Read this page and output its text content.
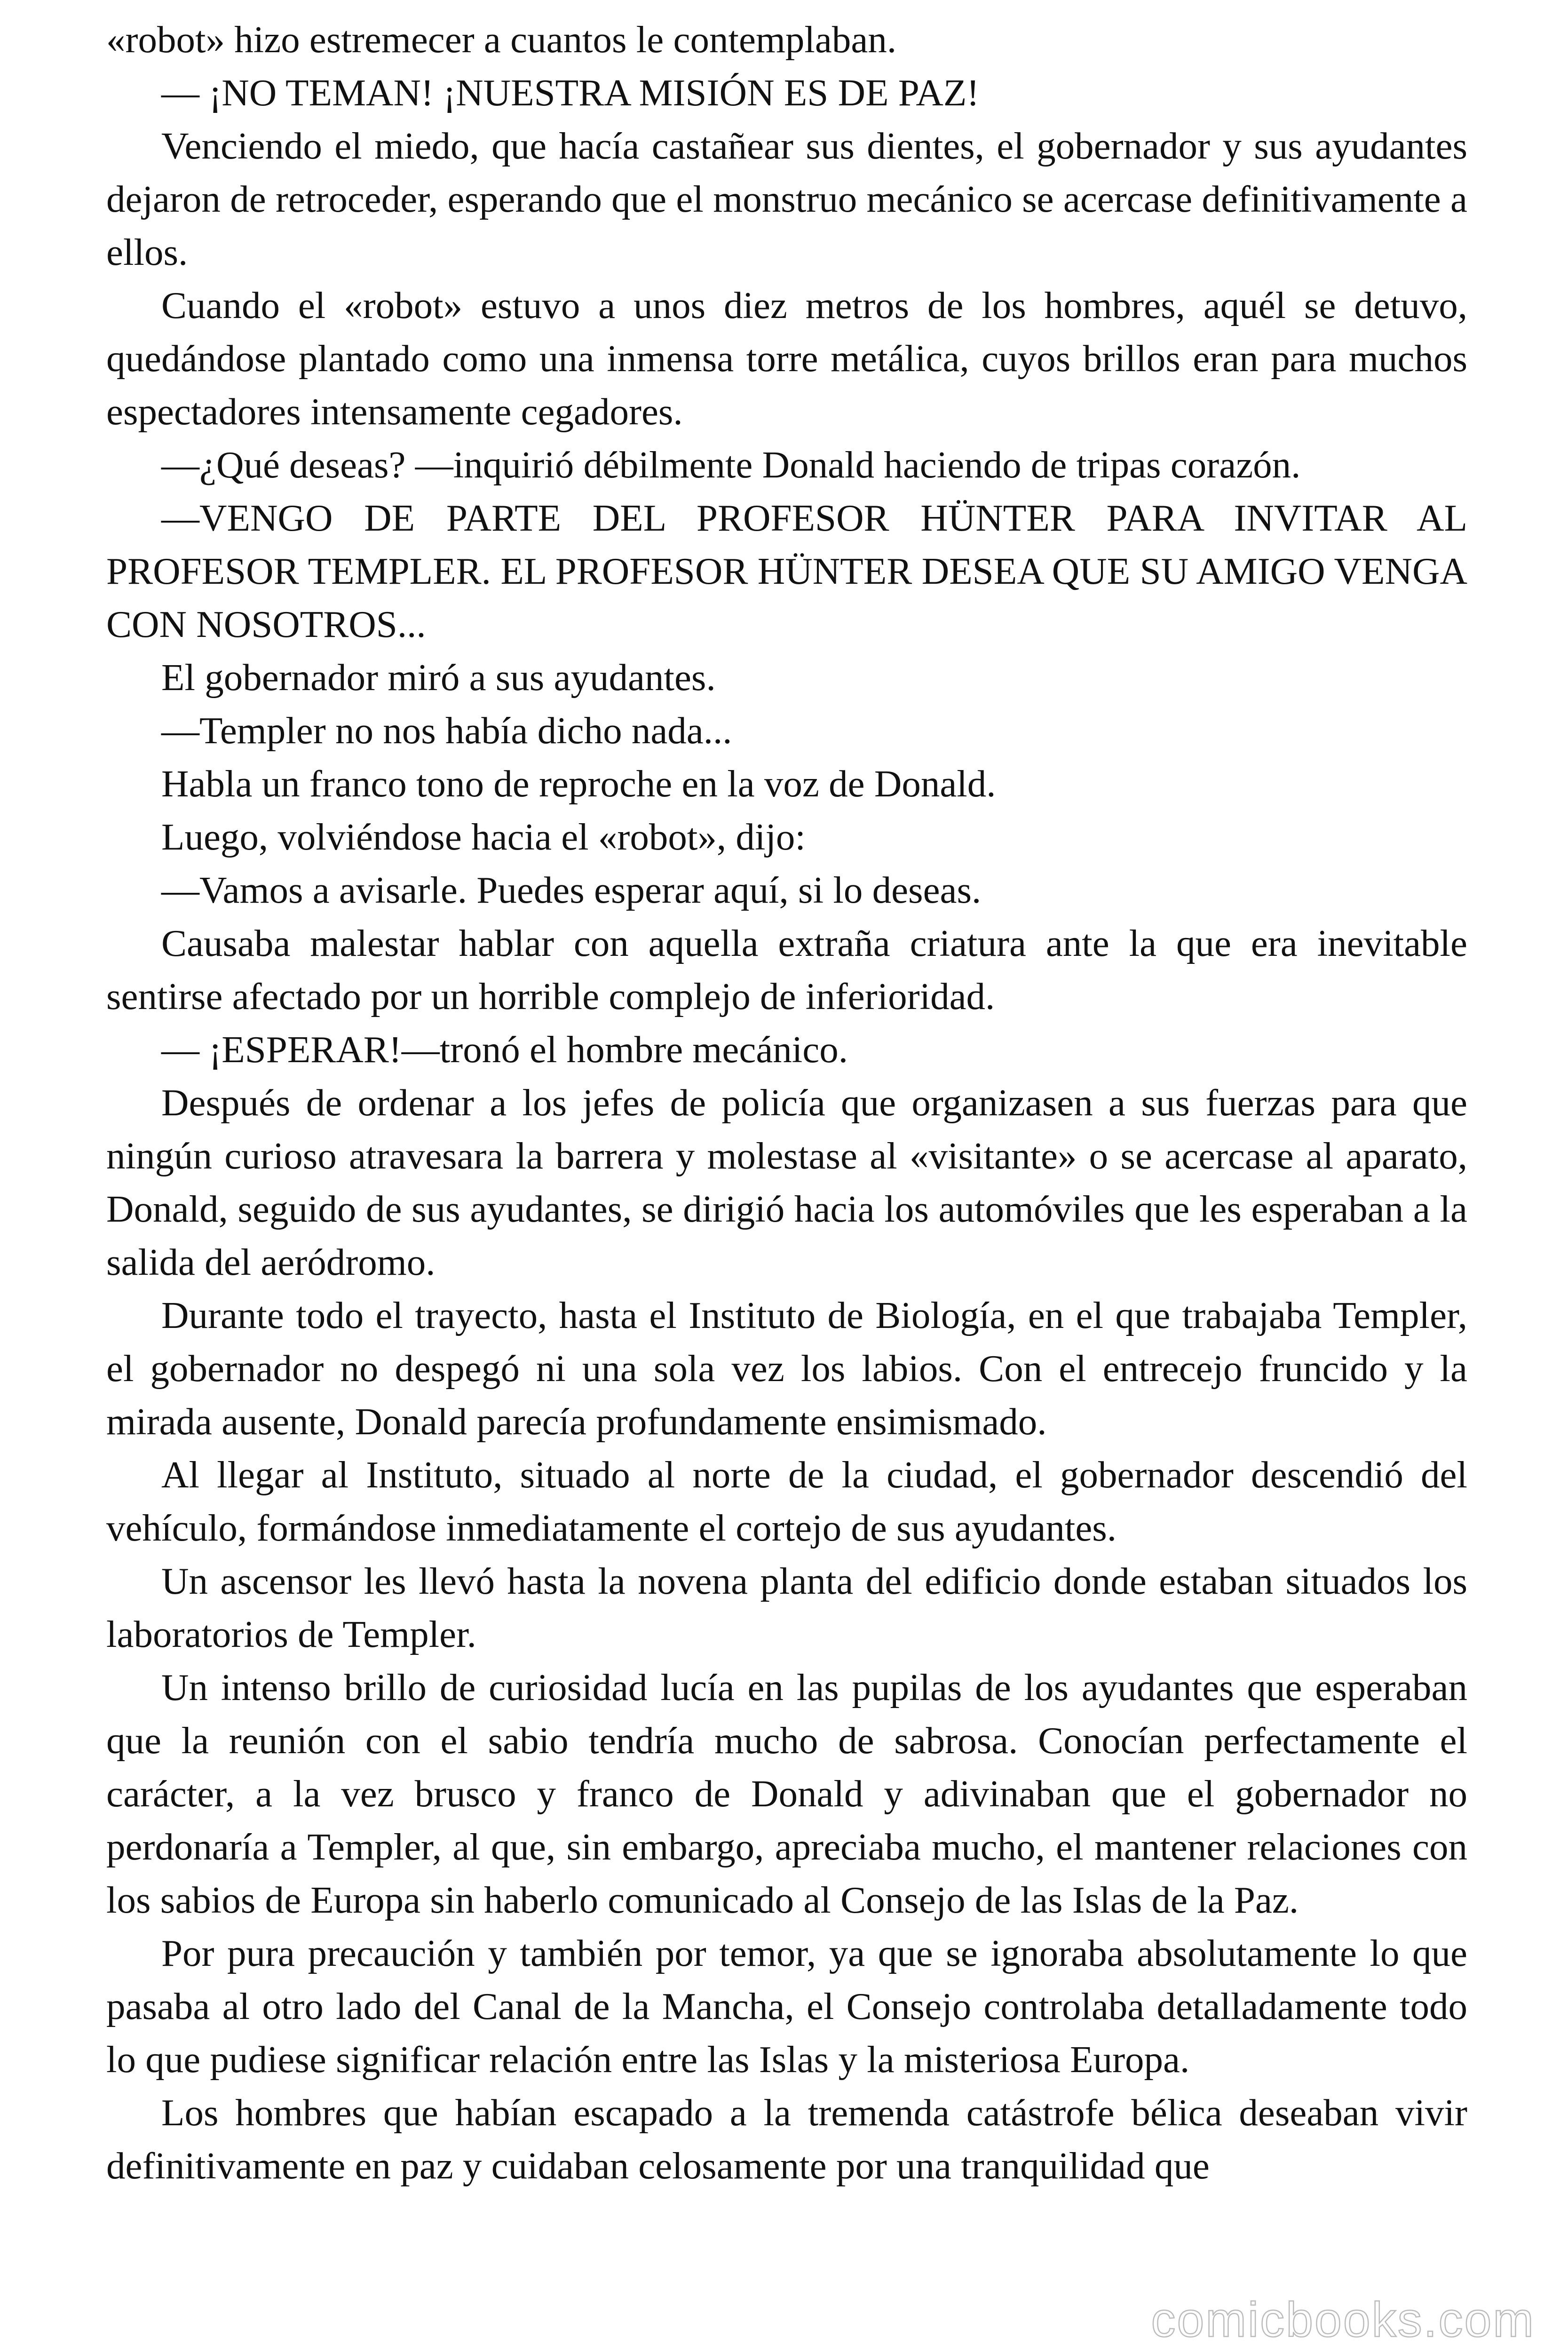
«robot» hizo estremecer a cuantos le contemplaban.

— ¡NO TEMAN! ¡NUESTRA MISIÓN ES DE PAZ!

Venciendo el miedo, que hacía castañear sus dientes, el gobernador y sus ayudantes dejaron de retroceder, esperando que el monstruo mecánico se acercase definitivamente a ellos.

Cuando el «robot» estuvo a unos diez metros de los hombres, aquél se detuvo, quedándose plantado como una inmensa torre metálica, cuyos brillos eran para muchos espectadores intensamente cegadores.

—¿Qué deseas? —inquirió débilmente Donald haciendo de tripas corazón.

—VENGO DE PARTE DEL PROFESOR HÜNTER PARA INVITAR AL PROFESOR TEMPLER. EL PROFESOR HÜNTER DESEA QUE SU AMIGO VENGA CON NOSOTROS...

El gobernador miró a sus ayudantes.

—Templer no nos había dicho nada...

Habla un franco tono de reproche en la voz de Donald.

Luego, volviéndose hacia el «robot», dijo:

—Vamos a avisarle. Puedes esperar aquí, si lo deseas.

Causaba malestar hablar con aquella extraña criatura ante la que era inevitable sentirse afectado por un horrible complejo de inferioridad.

— ¡ESPERAR!—tronó el hombre mecánico.

Después de ordenar a los jefes de policía que organizasen a sus fuerzas para que ningún curioso atravesara la barrera y molestase al «visitante» o se acercase al aparato, Donald, seguido de sus ayudantes, se dirigió hacia los automóviles que les esperaban a la salida del aeródromo.

Durante todo el trayecto, hasta el Instituto de Biología, en el que trabajaba Templer, el gobernador no despegó ni una sola vez los labios. Con el entrecejo fruncido y la mirada ausente, Donald parecía profundamente ensimismado.

Al llegar al Instituto, situado al norte de la ciudad, el gobernador descendió del vehículo, formándose inmediatamente el cortejo de sus ayudantes.

Un ascensor les llevó hasta la novena planta del edificio donde estaban situados los laboratorios de Templer.

Un intenso brillo de curiosidad lucía en las pupilas de los ayudantes que esperaban que la reunión con el sabio tendría mucho de sabrosa. Conocían perfectamente el carácter, a la vez brusco y franco de Donald y adivinaban que el gobernador no perdonaría a Templer, al que, sin embargo, apreciaba mucho, el mantener relaciones con los sabios de Europa sin haberlo comunicado al Consejo de las Islas de la Paz.

Por pura precaución y también por temor, ya que se ignoraba absolutamente lo que pasaba al otro lado del Canal de la Mancha, el Consejo controlaba detalladamente todo lo que pudiese significar relación entre las Islas y la misteriosa Europa.

Los hombres que habían escapado a la tremenda catástrofe bélica deseaban vivir definitivamente en paz y cuidaban celosamente por una tranquilidad que

comicbooks.com
